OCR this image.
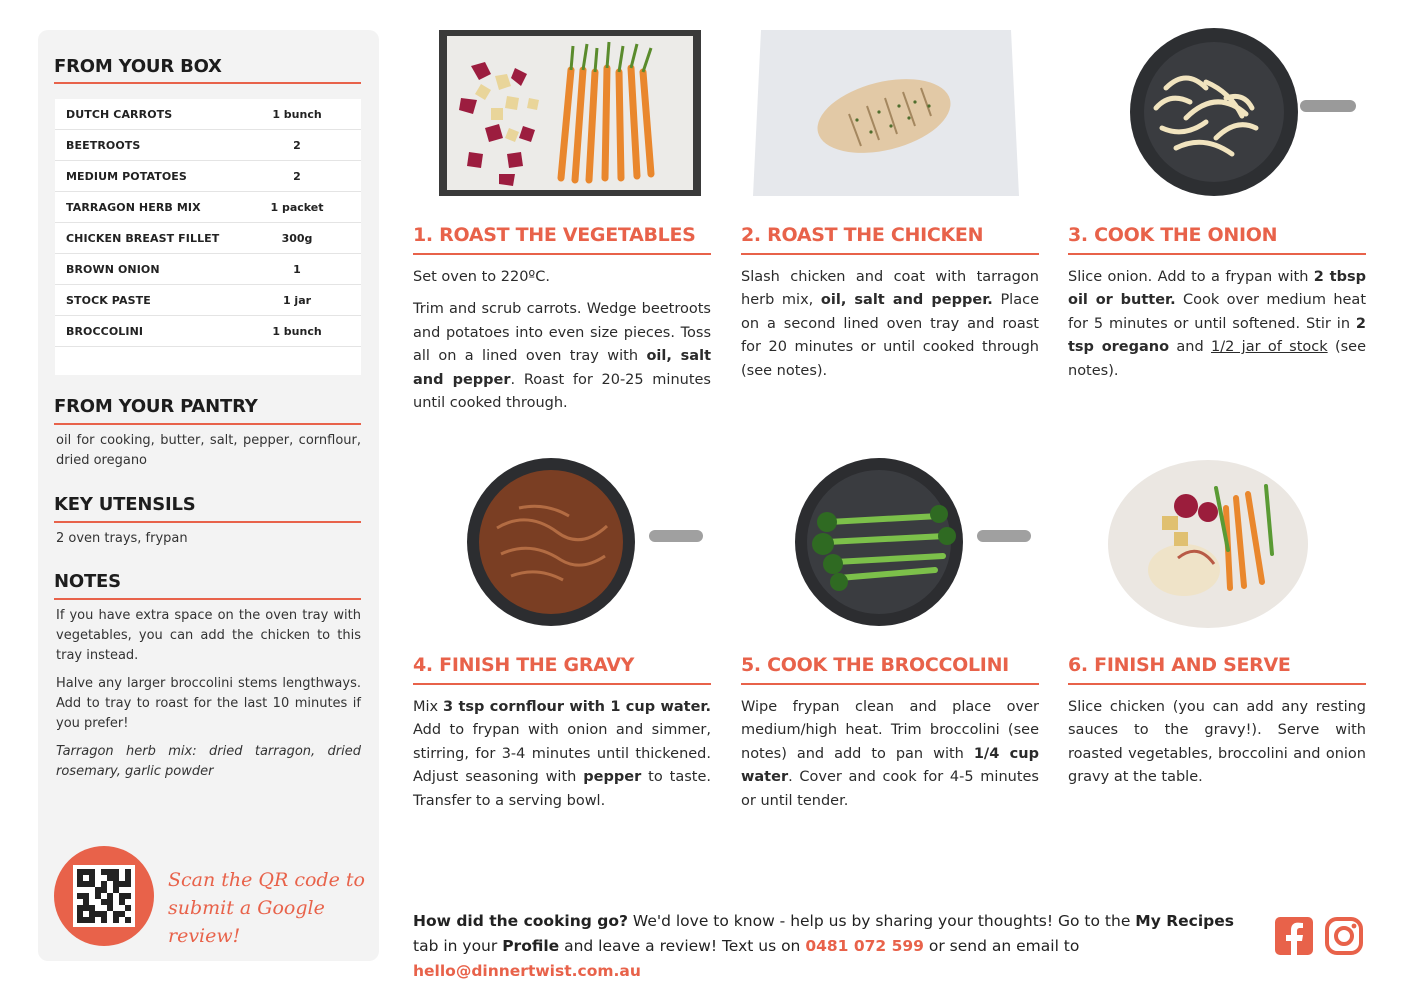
FROM YOUR BOX
DUTCH CARROTS	1 bunch
BEETROOTS	2
MEDIUM POTATOES	2
TARRAGON HERB MIX	1 packet
CHICKEN BREAST FILLET	300g
BROWN ONION	1
STOCK PASTE	1 jar
BROCCOLINI	1 bunch
FROM YOUR PANTRY
oil for cooking, butter, salt, pepper, cornflour, dried oregano
KEY UTENSILS
2 oven trays, frypan
NOTES

If you have extra space on the oven tray with vegetables, you can add the chicken to this tray instead.

Halve any larger broccolini stems lengthways. Add to tray to roast for the last 10 minutes if you prefer!

Tarragon herb mix: dried tarragon, dried rosemary, garlic powder

Scan the QR code to
submit a Google review!
1. ROAST THE VEGETABLES

Set oven to 220ºC.

Trim and scrub carrots. Wedge beetroots and potatoes into even size pieces. Toss all on a lined oven tray with oil, salt and pepper. Roast for 20-25 minutes until cooked through.

2. ROAST THE CHICKEN

Slash chicken and coat with tarragon herb mix, oil, salt and pepper. Place on a second lined oven tray and roast for 20 minutes or until cooked through (see notes).

3. COOK THE ONION

Slice onion. Add to a frypan with 2 tbsp oil or butter. Cook over medium heat for 5 minutes or until softened. Stir in 2 tsp oregano and 1/2 jar of stock (see notes).

4. FINISH THE GRAVY

Mix 3 tsp cornflour with 1 cup water. Add to frypan with onion and simmer, stirring, for 3-4 minutes until thickened. Adjust seasoning with pepper to taste. Transfer to a serving bowl.

5. COOK THE BROCCOLINI

Wipe frypan clean and place over medium/high heat. Trim broccolini (see notes) and add to pan with 1/4 cup water. Cover and cook for 4-5 minutes or until tender.

6. FINISH AND SERVE

Slice chicken (you can add any resting sauces to the gravy!). Serve with roasted vegetables, broccolini and onion gravy at the table.

How did the cooking go? We'd love to know - help us by sharing your thoughts! Go to the My Recipes tab in your Profile and leave a review! Text us on 0481 072 599 or send an email to hello@dinnertwist.com.au
